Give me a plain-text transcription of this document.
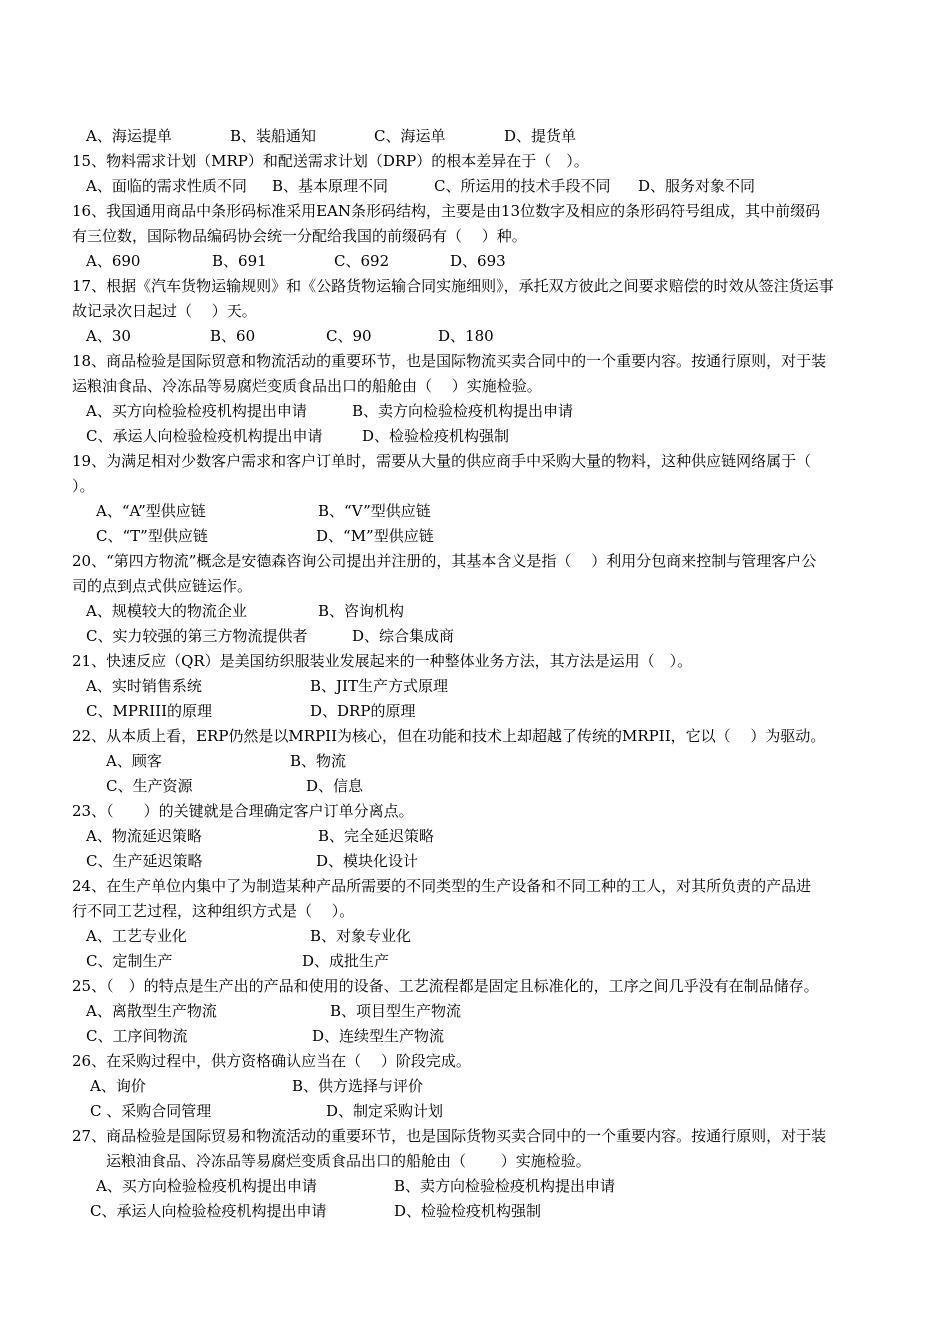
A、海运提单	B、装船通知	C、海运单	D、提货单
15、物料需求计划（MRP）和配送需求计划（DRP）的根本差异在于（　）。
A、面临的需求性质不同 B、基本原理不同	C、所运用的技术手段不同 D、服务对象不同
16、我国通用商品中条形码标准采用EAN条形码结构，主要是由13位数字及相应的条形码符号组成，其中前缀码
有三位数，国际物品编码协会统一分配给我国的前缀码有（　 ）种。
A、690	B、691	C、692	D、693
17、根据《汽车货物运输规则》和《公路货物运输合同实施细则》，承托双方彼此之间要求赔偿的时效从签注货运事
故记录次日起过（　 ）天。
A、30	B、60	C、90	D、180
18、商品检验是国际贸意和物流活动的重要环节，也是国际物流买卖合同中的一个重要内容。按通行原则，对于装
运粮油食品、冷冻品等易腐烂变质食品出口的船舱由（　 ）实施检验。
A、买方向检验检疫机构提出申请	B、卖方向检验检疫机构提出申请
C、承运人向检验检疫机构提出申请	D、检验检疫机构强制
19、为满足相对少数客户需求和客户订单时，需要从大量的供应商手中采购大量的物料，这种供应链网络属于（
）。
A、“A”型供应链	B、“V”型供应链
C、“T”型供应链	D、“M”型供应链
20、“第四方物流”概念是安德森咨询公司提出并注册的，其基本含义是指（　 ）利用分包商来控制与管理客户公
司的点到点式供应链运作。
A、规模较大的物流企业	B、咨询机构
C、实力较强的第三方物流提供者	D、综合集成商
21、快速反应（QR）是美国纺织服装业发展起来的一种整体业务方法，其方法是运用（　）。
A、实时销售系统	B、JIT生产方式原理
C、MPRIII的原理	D、DRP的原理
22、从本质上看，ERP仍然是以MRPII为核心，但在功能和技术上却超越了传统的MRPII，它以（　 ）为驱动。
A、顾客	B、物流
C、生产资源	D、信息
23、（　　）的关键就是合理确定客户订单分离点。
A、物流延迟策略	B、完全延迟策略
C、生产延迟策略	D、模块化设计
24、在生产单位内集中了为制造某种产品所需要的不同类型的生产设备和不同工种的工人，对其所负责的产品进
行不同工艺过程，这种组织方式是（　 ）。
A、工艺专业化	B、对象专业化
C、定制生产	D、成批生产
25、（　）的特点是生产出的产品和使用的设备、工艺流程都是固定且标准化的，工序之间几乎没有在制品储存。
A、离散型生产物流	B、项目型生产物流
C、工序间物流	D、连续型生产物流
26、在采购过程中，供方资格确认应当在（　 ）阶段完成。
A、询价	B、供方选择与评价
C 、采购合同管理	D、制定采购计划
27、商品检验是国际贸易和物流活动的重要环节，也是国际货物买卖合同中的一个重要内容。按通行原则，对于装
运粮油食品、冷冻品等易腐烂变质食品出口的船舱由（　　 ）实施检验。
A、买方向检验检疫机构提出申请	B、卖方向检验检疫机构提出申请
C、承运人向检验检疫机构提出申请	D、检验检疫机构强制
